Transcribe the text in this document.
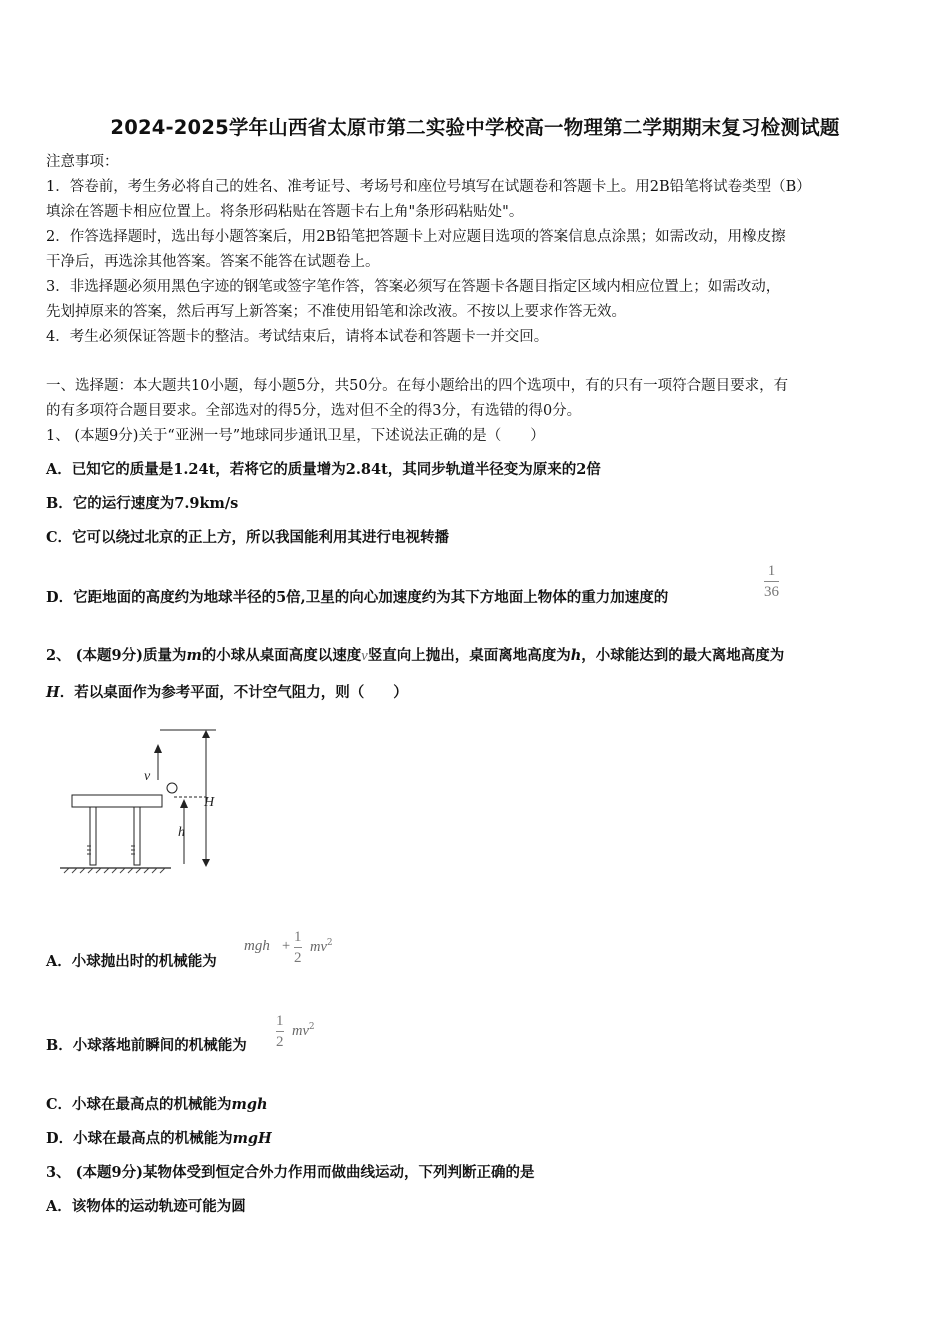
2024-2025学年山西省太原市第二实验中学校高一物理第二学期期末复习检测试题
注意事项：
1．答卷前，考生务必将自己的姓名、准考证号、考场号和座位号填写在试题卷和答题卡上。用2B铅笔将试卷类型（B）
填涂在答题卡相应位置上。将条形码粘贴在答题卡右上角"条形码粘贴处"。
2．作答选择题时，选出每小题答案后，用2B铅笔把答题卡上对应题目选项的答案信息点涂黑；如需改动，用橡皮擦
干净后，再选涂其他答案。答案不能答在试题卷上。
3．非选择题必须用黑色字迹的钢笔或签字笔作答，答案必须写在答题卡各题目指定区域内相应位置上；如需改动，
先划掉原来的答案，然后再写上新答案；不准使用铅笔和涂改液。不按以上要求作答无效。
4．考生必须保证答题卡的整洁。考试结束后，请将本试卷和答题卡一并交回。
一、选择题：本大题共10小题，每小题5分，共50分。在每小题给出的四个选项中，有的只有一项符合题目要求，有
的有多项符合题目要求。全部选对的得5分，选对但不全的得3分，有选错的得0分。
1、 (本题9分)关于“亚洲一号”地球同步通讯卫星，下述说法正确的是（　　）
A．已知它的质量是1.24t，若将它的质量增为2.84t，其同步轨道半径变为原来的2倍
B．它的运行速度为7.9km/s
C．它可以绕过北京的正上方，所以我国能利用其进行电视转播
D．它距地面的高度约为地球半径的5倍,卫星的向心加速度约为其下方地面上物体的重力加速度的
1
36
2、 (本题9分)质量为m的小球从桌面高度以速度v竖直向上抛出，桌面离地高度为h，小球能达到的最大离地高度为
H．若以桌面作为参考平面，不计空气阻力，则（　　）
v
H
h
A．小球抛出时的机械能为
mgh +
1
2
$mv^2$
B．小球落地前瞬间的机械能为
1
2
$mv^2$
C．小球在最高点的机械能为mgh
D．小球在最高点的机械能为mgH
3、 (本题9分)某物体受到恒定合外力作用而做曲线运动，下列判断正确的是
A．该物体的运动轨迹可能为圆
